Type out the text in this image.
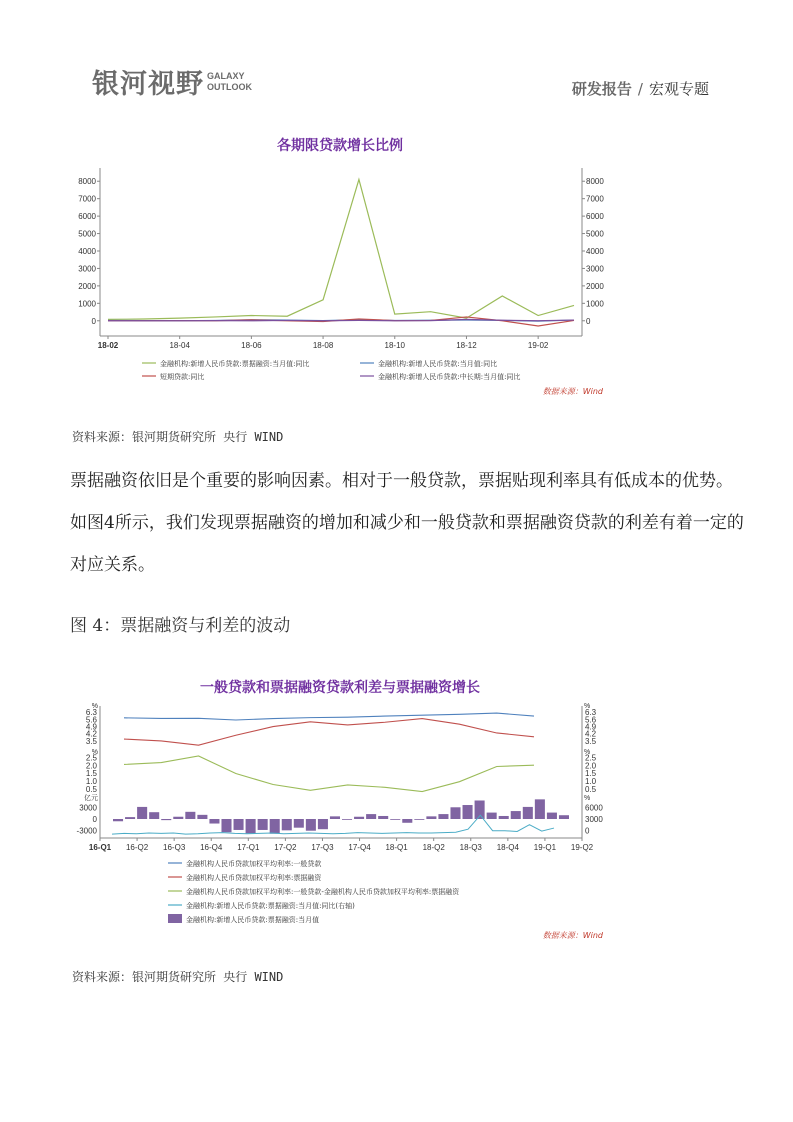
银河视野 GALAXY
OUTLOOK	研发报告 / 宏观专题
各期限贷款增长比例
0
1000
2000
3000
4000
5000
6000
7000
8000
0
1000
2000
3000
4000
5000
6000
7000
8000
18-02	18-04	18-06	18-08	18-10	18-12	19-02
金融机构:新增人民币贷款:票据融资:当月值:同比	金融机构:新增人民币贷款:当月值:同比
短期贷款:同比	金融机构:新增人民币贷款:中长期:当月值:同比
数据来源：Wind
资料来源：银河期货研究所 央行 WIND
票据融资依旧是个重要的影响因素。相对于一般贷款，票据贴现利率具有低成本的优势。如图4所示，我们发现票据融资的增加和减少和一般贷款和票据融资贷款的利差有着一定的对应关系。
图 4：票据融资与利差的波动
一般贷款和票据融资贷款利差与票据融资增长
%	%
3.5	3.5
4.2	4.2
4.9	4.9
5.6	5.6
6.3	6.3
%	%
0.5	0.5
1.0	1.0
1.5	1.5
2.0	2.0
2.5	2.5
亿元	%
-3000
0
3000
0
3000
6000
16-Q1 16-Q2 16-Q3 16-Q4 17-Q1 17-Q2 17-Q3 17-Q4 18-Q1 18-Q2 18-Q3 18-Q4 19-Q1 19-Q2
金融机构人民币贷款加权平均利率:一般贷款
金融机构人民币贷款加权平均利率:票据融资
金融机构人民币贷款加权平均利率:一般贷款-金融机构人民币贷款加权平均利率:票据融资
金融机构:新增人民币贷款:票据融资:当月值:同比(右轴)
金融机构:新增人民币贷款:票据融资:当月值
数据来源：Wind
资料来源：银河期货研究所 央行 WIND
